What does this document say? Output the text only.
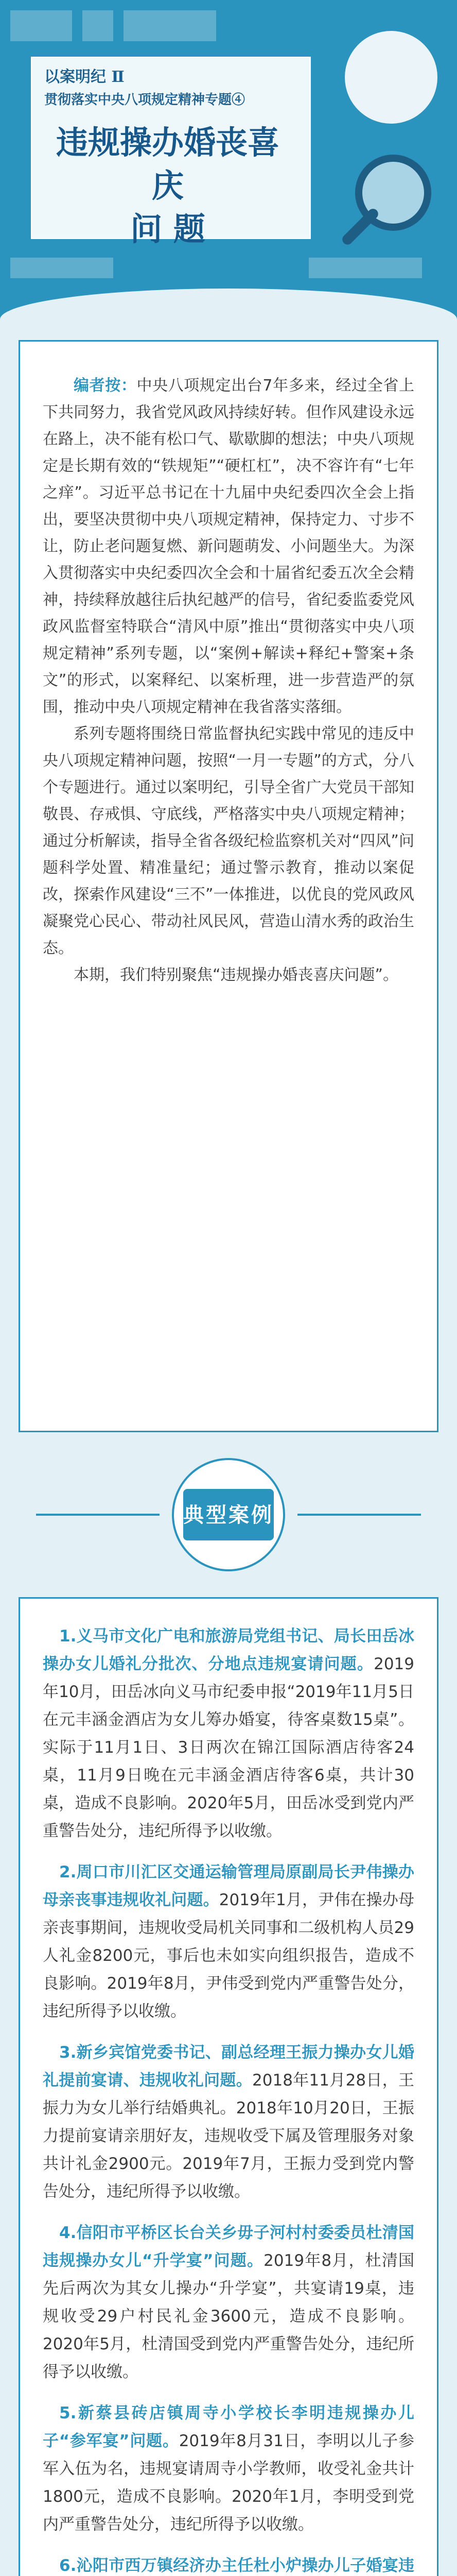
以案明纪 Ⅱ
贯彻落实中央八项规定精神专题④
违规操办婚丧喜庆
问 题

编者按：中央八项规定出台7年多来，经过全省上下共同努力，我省党风政风持续好转。但作风建设永远在路上，决不能有松口气、歇歇脚的想法；中央八项规定是长期有效的“铁规矩”“硬杠杠”，决不容许有“七年之痒”。习近平总书记在十九届中央纪委四次全会上指出，要坚决贯彻中央八项规定精神，保持定力、寸步不让，防止老问题复燃、新问题萌发、小问题坐大。为深入贯彻落实中央纪委四次全会和十届省纪委五次全会精神，持续释放越往后执纪越严的信号，省纪委监委党风政风监督室特联合“清风中原”推出“贯彻落实中央八项规定精神”系列专题，以“案例+解读+释纪+警案+条文”的形式，以案释纪、以案析理，进一步营造严的氛围，推动中央八项规定精神在我省落实落细。

系列专题将围绕日常监督执纪实践中常见的违反中央八项规定精神问题，按照“一月一专题”的方式，分八个专题进行。通过以案明纪，引导全省广大党员干部知敬畏、存戒惧、守底线，严格落实中央八项规定精神；通过分析解读，指导全省各级纪检监察机关对“四风”问题科学处置、精准量纪；通过警示教育，推动以案促改，探索作风建设“三不”一体推进，以优良的党风政风凝聚党心民心、带动社风民风，营造山清水秀的政治生态。

本期，我们特别聚焦“违规操办婚丧喜庆问题”。

典型案例

1.义马市文化广电和旅游局党组书记、局长田岳冰操办女儿婚礼分批次、分地点违规宴请问题。2019年10月，田岳冰向义马市纪委申报“2019年11月5日在元丰涵金酒店为女儿筹办婚宴，待客桌数15桌”。实际于11月1日、3日两次在锦江国际酒店待客24桌，11月9日晚在元丰涵金酒店待客6桌，共计30桌，造成不良影响。2020年5月，田岳冰受到党内严重警告处分，违纪所得予以收缴。

2.周口市川汇区交通运输管理局原副局长尹伟操办母亲丧事违规收礼问题。2019年1月，尹伟在操办母亲丧事期间，违规收受局机关同事和二级机构人员29人礼金8200元，事后也未如实向组织报告，造成不良影响。2019年8月，尹伟受到党内严重警告处分，违纪所得予以收缴。

3.新乡宾馆党委书记、副总经理王振力操办女儿婚礼提前宴请、违规收礼问题。2018年11月28日，王振力为女儿举行结婚典礼。2018年10月20日，王振力提前宴请亲朋好友，违规收受下属及管理服务对象共计礼金2900元。2019年7月，王振力受到党内警告处分，违纪所得予以收缴。

4.信阳市平桥区长台关乡毋子河村村委委员杜清国违规操办女儿“升学宴”问题。2019年8月，杜清国先后两次为其女儿操办“升学宴”，共宴请19桌，违规收受29户村民礼金3600元，造成不良影响。2020年5月，杜清国受到党内严重警告处分，违纪所得予以收缴。

5.新蔡县砖店镇周寺小学校长李明违规操办儿子“参军宴”问题。2019年8月31日，李明以儿子参军入伍为名，违规宴请周寺小学教师，收受礼金共计1800元，造成不良影响。2020年1月，李明受到党内严重警告处分，违纪所得予以收缴。

6.沁阳市西万镇经济办主任杜小炉操办儿子婚宴违
